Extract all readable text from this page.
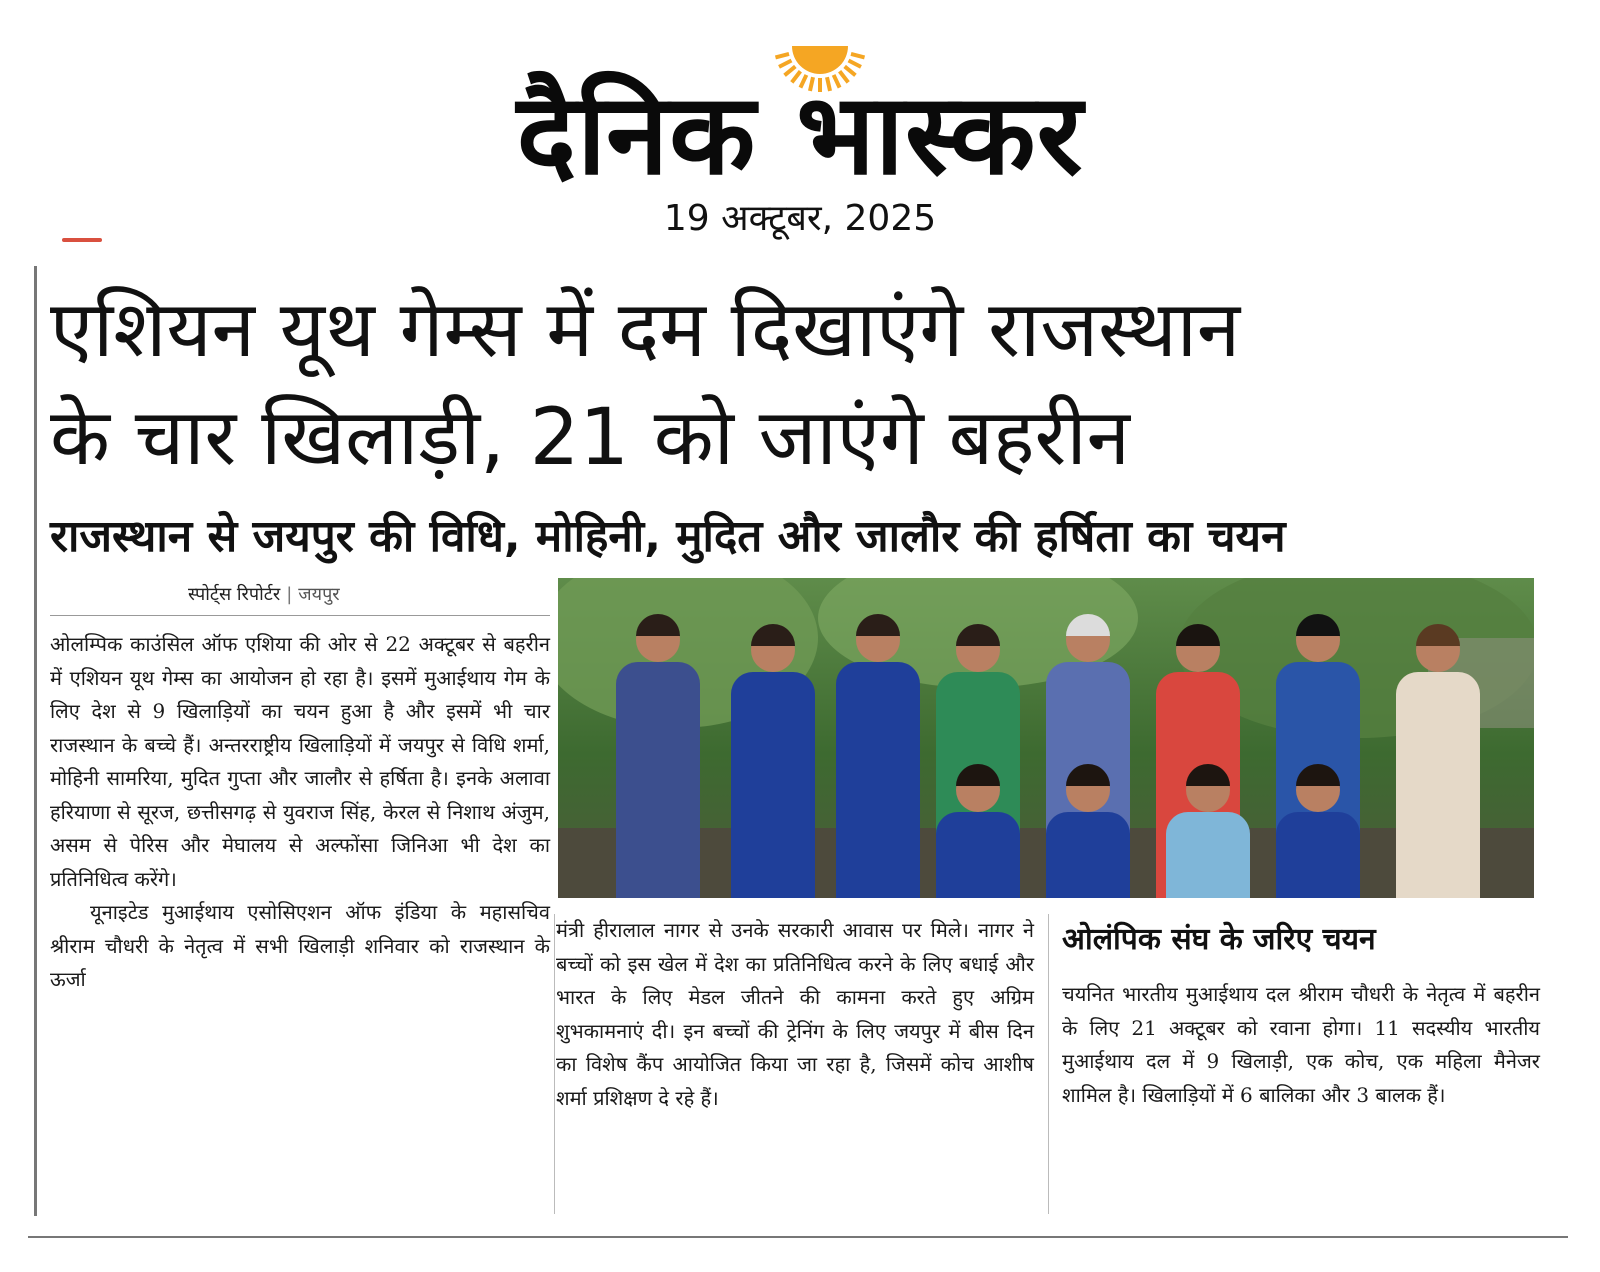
दैनिक भास्कर
19 अक्टूबर, 2025
एशियन यूथ गेम्स में दम दिखाएंगे राजस्थान
के चार खिलाड़ी, 21 को जाएंगे बहरीन
राजस्थान से जयपुर की विधि, मोहिनी, मुदित और जालौर की हर्षिता का चयन
स्पोर्ट्स रिपोर्टर | जयपुर

ओलम्पिक काउंसिल ऑफ एशिया की ओर से 22 अक्टूबर से बहरीन में एशियन यूथ गेम्स का आयोजन हो रहा है। इसमें मुआईथाय गेम के लिए देश से 9 खिलाड़ियों का चयन हुआ है और इसमें भी चार राजस्थान के बच्चे हैं। अन्तरराष्ट्रीय खिलाड़ियों में जयपुर से विधि शर्मा, मोहिनी सामरिया, मुदित गुप्ता और जालौर से हर्षिता है। इनके अलावा हरियाणा से सूरज, छत्तीसगढ़ से युवराज सिंह, केरल से निशाथ अंजुम, असम से पेरिस और मेघालय से अल्फोंसा जिनिआ भी देश का प्रतिनिधित्व करेंगे।

यूनाइटेड मुआईथाय एसोसिएशन ऑफ इंडिया के महासचिव श्रीराम चौधरी के नेतृत्व में सभी खिलाड़ी शनिवार को राजस्थान के ऊर्जा

मंत्री हीरालाल नागर से उनके सरकारी आवास पर मिले। नागर ने बच्चों को इस खेल में देश का प्रतिनिधित्व करने के लिए बधाई और भारत के लिए मेडल जीतने की कामना करते हुए अग्रिम शुभकामनाएं दी। इन बच्चों की ट्रेनिंग के लिए जयपुर में बीस दिन का विशेष कैंप आयोजित किया जा रहा है, जिसमें कोच आशीष शर्मा प्रशिक्षण दे रहे हैं।

ओलंपिक संघ के जरिए चयन

चयनित भारतीय मुआईथाय दल श्रीराम चौधरी के नेतृत्व में बहरीन के लिए 21 अक्टूबर को रवाना होगा। 11 सदस्यीय भारतीय मुआईथाय दल में 9 खिलाड़ी, एक कोच, एक महिला मैनेजर शामिल है। खिलाड़ियों में 6 बालिका और 3 बालक हैं।
